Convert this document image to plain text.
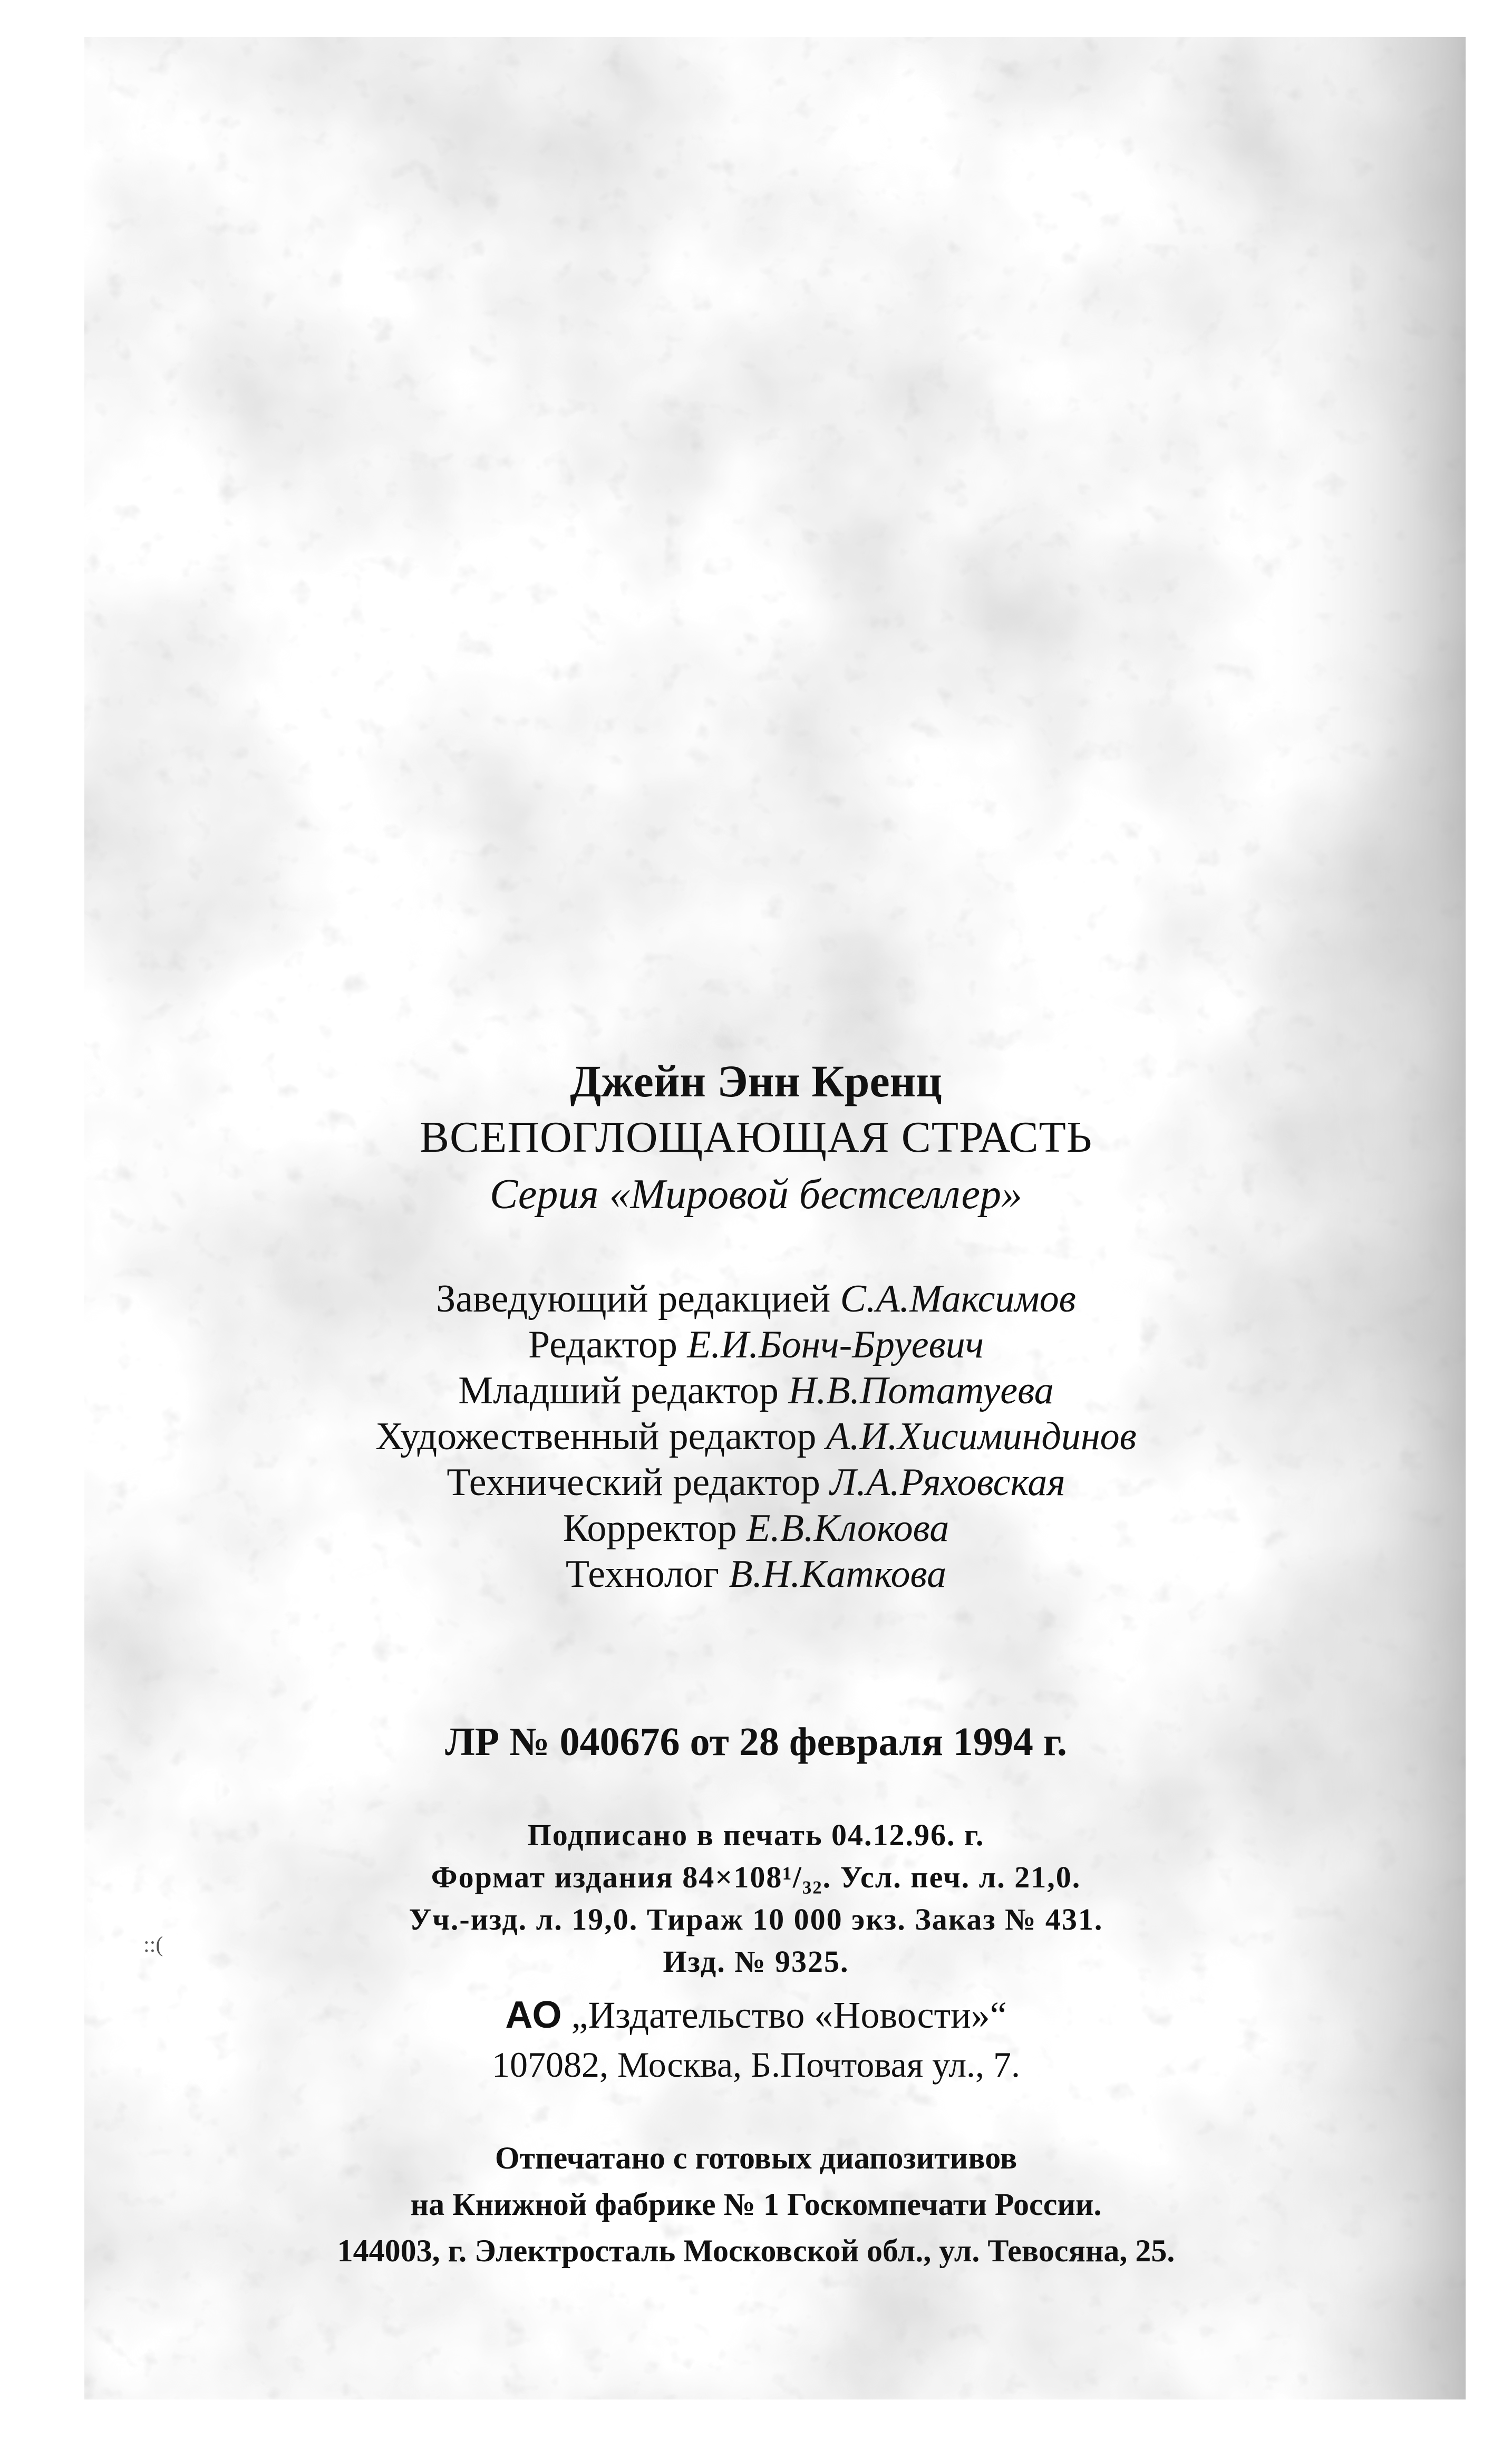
Джейн Энн Кренц
ВСЕПОГЛОЩАЮЩАЯ СТРАСТЬ
Серия «Мировой бестселлер»
Заведующий редакцией С.А.Максимов
Редактор Е.И.Бонч-Бруевич
Младший редактор Н.В.Потатуева
Художественный редактор А.И.Хисиминдинов
Технический редактор Л.А.Ряховская
Корректор Е.В.Клокова
Технолог В.Н.Каткова
ЛР № 040676 от 28 февраля 1994 г.
Подписано в печать 04.12.96. г.
Формат издания 84×108¹/₃₂. Усл. печ. л. 21,0.
Уч.-изд. л. 19,0. Тираж 10 000 экз. Заказ № 431.
Изд. № 9325.
::(
АО „Издательство «Новости»“
107082, Москва, Б.Почтовая ул., 7.
Отпечатано с готовых диапозитивов
на Книжной фабрике № 1 Госкомпечати России.
144003, г. Электросталь Московской обл., ул. Тевосяна, 25.
